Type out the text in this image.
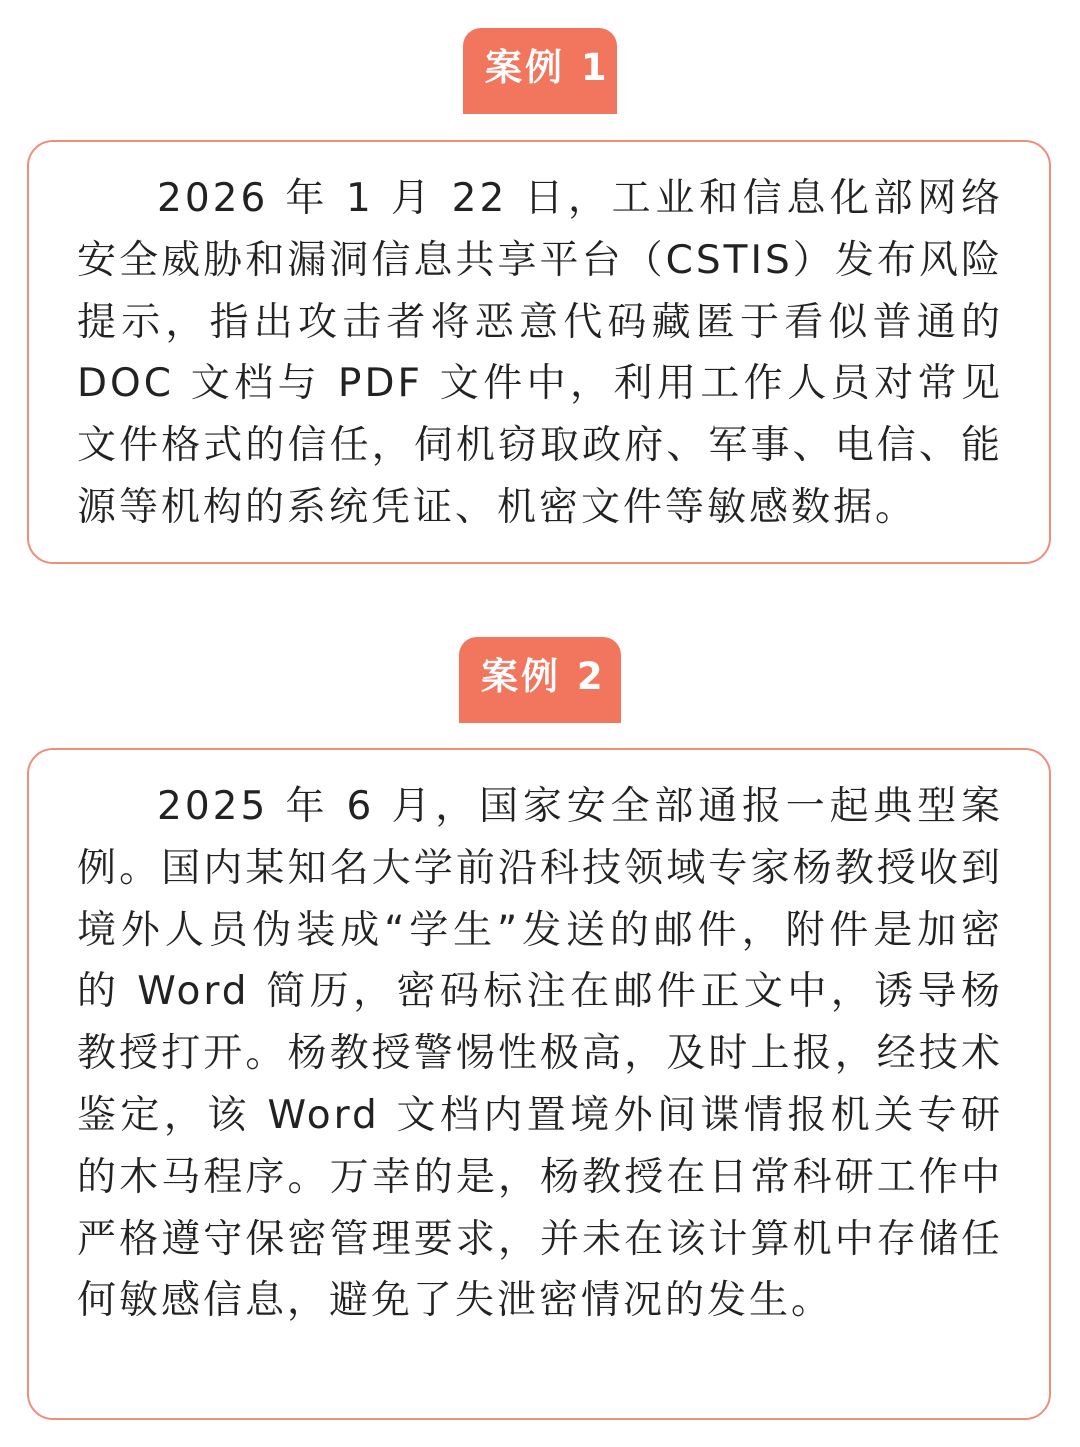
案例 1

2026 年 1 月 22 日，工业和信息化部网络安全威胁和漏洞信息共享平台（CSTIS）发布风险提示，指出攻击者将恶意代码藏匿于看似普通的 DOC 文档与 PDF 文件中，利用工作人员对常见文件格式的信任，伺机窃取政府、军事、电信、能源等机构的系统凭证、机密文件等敏感数据。

案例 2

2025 年 6 月，国家安全部通报一起典型案例。国内某知名大学前沿科技领域专家杨教授收到境外人员伪装成“学生”发送的邮件，附件是加密的 Word 简历，密码标注在邮件正文中，诱导杨教授打开。杨教授警惕性极高，及时上报，经技术鉴定，该 Word 文档内置境外间谍情报机关专研的木马程序。万幸的是，杨教授在日常科研工作中严格遵守保密管理要求，并未在该计算机中存储任何敏感信息，避免了失泄密情况的发生。
